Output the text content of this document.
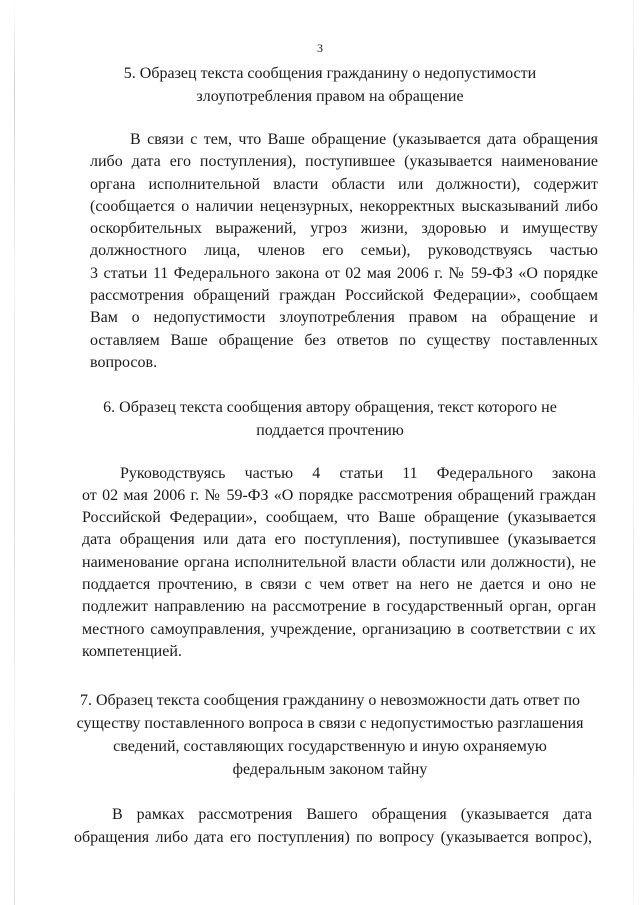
3
5. Образец текста сообщения гражданину о недопустимости
злоупотребления правом на обращение
В связи с тем, что Ваше обращение (указывается дата обращения
либо дата его поступления), поступившее (указывается наименование
органа исполнительной власти области или должности), содержит
(сообщается о наличии нецензурных, некорректных высказываний либо
оскорбительных выражений, угроз жизни, здоровью и имуществу
должностного лица, членов его семьи), руководствуясь частью
3 статьи 11 Федерального закона от 02 мая 2006 г. № 59-ФЗ «О порядке
рассмотрения обращений граждан Российской Федерации», сообщаем
Вам о недопустимости злоупотребления правом на обращение и
оставляем Ваше обращение без ответов по существу поставленных
вопросов.
6. Образец текста сообщения автору обращения, текст которого не
поддается прочтению
Руководствуясь частью 4 статьи 11 Федерального закона
от 02 мая 2006 г. № 59-ФЗ «О порядке рассмотрения обращений граждан
Российской Федерации», сообщаем, что Ваше обращение (указывается
дата обращения или дата его поступления), поступившее (указывается
наименование органа исполнительной власти области или должности), не
поддается прочтению, в связи с чем ответ на него не дается и оно не
подлежит направлению на рассмотрение в государственный орган, орган
местного самоуправления, учреждение, организацию в соответствии с их
компетенцией.
7. Образец текста сообщения гражданину о невозможности дать ответ по
существу поставленного вопроса в связи с недопустимостью разглашения
сведений, составляющих государственную и иную охраняемую
федеральным законом тайну
В рамках рассмотрения Вашего обращения (указывается дата
обращения либо дата его поступления) по вопросу (указывается вопрос),
